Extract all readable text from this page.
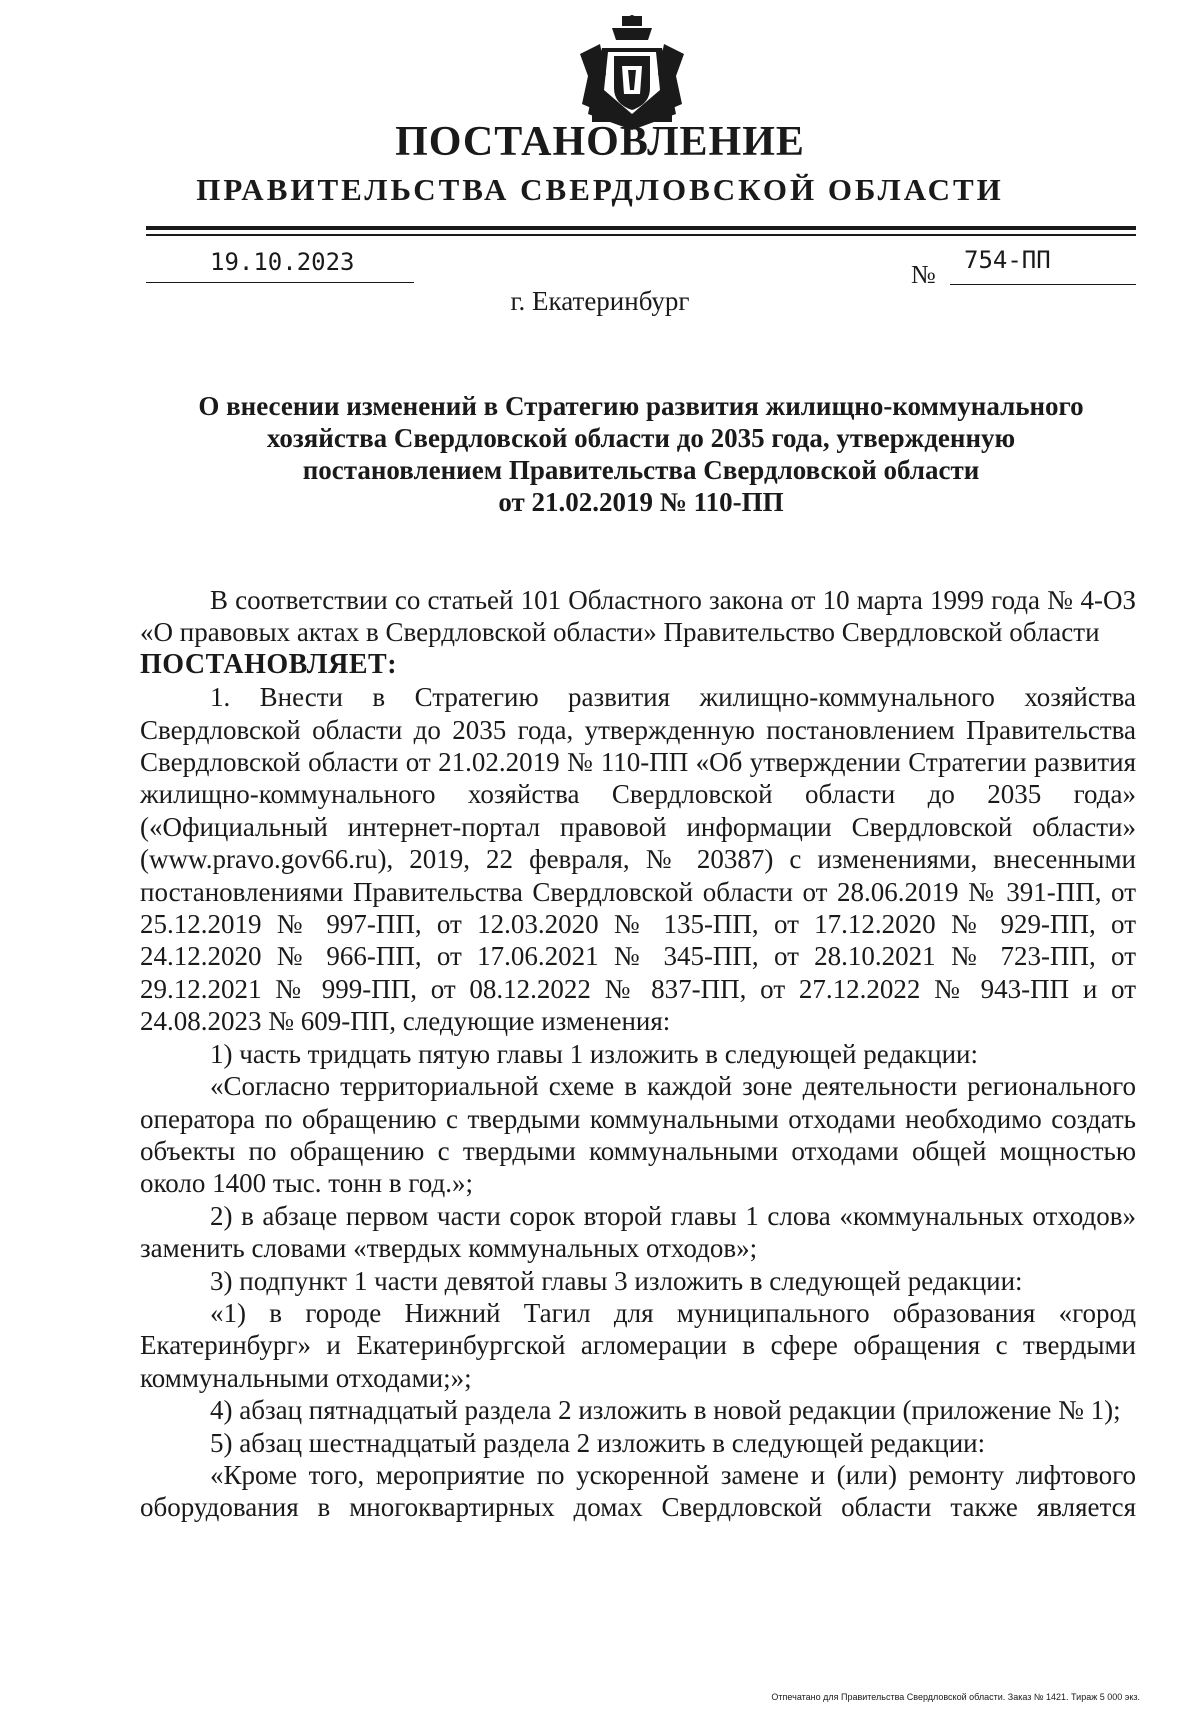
ПОСТАНОВЛЕНИЕ
ПРАВИТЕЛЬСТВА СВЕРДЛОВСКОЙ ОБЛАСТИ
19.10.2023	№ 754-ПП
г. Екатеринбург
О внесении изменений в Стратегию развития жилищно-коммунального
хозяйства Свердловской области до 2035 года, утвержденную
постановлением Правительства Свердловской области
от 21.02.2019 № 110-ПП

В соответствии со статьей 101 Областного закона от 10 марта 1999 года № 4-ОЗ «О правовых актах в Свердловской области» Правительство Свердловской области

ПОСТАНОВЛЯЕТ:

1. Внести в Стратегию развития жилищно-коммунального хозяйства Свердловской области до 2035 года, утвержденную постановлением Правительства Свердловской области от 21.02.2019 № 110-ПП «Об утверждении Стратегии развития жилищно-коммунального хозяйства Свердловской области до 2035 года» («Официальный интернет-портал правовой информации Свердловской области» (www.pravo.gov66.ru), 2019, 22 февраля, № 20387) с изменениями, внесенными постановлениями Правительства Свердловской области от 28.06.2019 № 391-ПП, от 25.12.2019 № 997-ПП, от 12.03.2020 № 135-ПП, от 17.12.2020 № 929-ПП, от 24.12.2020 № 966-ПП, от 17.06.2021 № 345-ПП, от 28.10.2021 № 723-ПП, от 29.12.2021 № 999-ПП, от 08.12.2022 № 837-ПП, от 27.12.2022 № 943-ПП и от 24.08.2023 № 609-ПП, следующие изменения:

1) часть тридцать пятую главы 1 изложить в следующей редакции:

«Согласно территориальной схеме в каждой зоне деятельности регионального оператора по обращению с твердыми коммунальными отходами необходимо создать объекты по обращению с твердыми коммунальными отходами общей мощностью около 1400 тыс. тонн в год.»;

2) в абзаце первом части сорок второй главы 1 слова «коммунальных отходов» заменить словами «твердых коммунальных отходов»;

3) подпункт 1 части девятой главы 3 изложить в следующей редакции:

«1) в городе Нижний Тагил для муниципального образования «город Екатеринбург» и Екатеринбургской агломерации в сфере обращения с твердыми коммунальными отходами;»;

4) абзац пятнадцатый раздела 2 изложить в новой редакции (приложение № 1);

5) абзац шестнадцатый раздела 2 изложить в следующей редакции:

«Кроме того, мероприятие по ускоренной замене и (или) ремонту лифтового оборудования в многоквартирных домах Свердловской области также является

Отпечатано для Правительства Свердловской области. Заказ № 1421. Тираж 5 000 экз.
